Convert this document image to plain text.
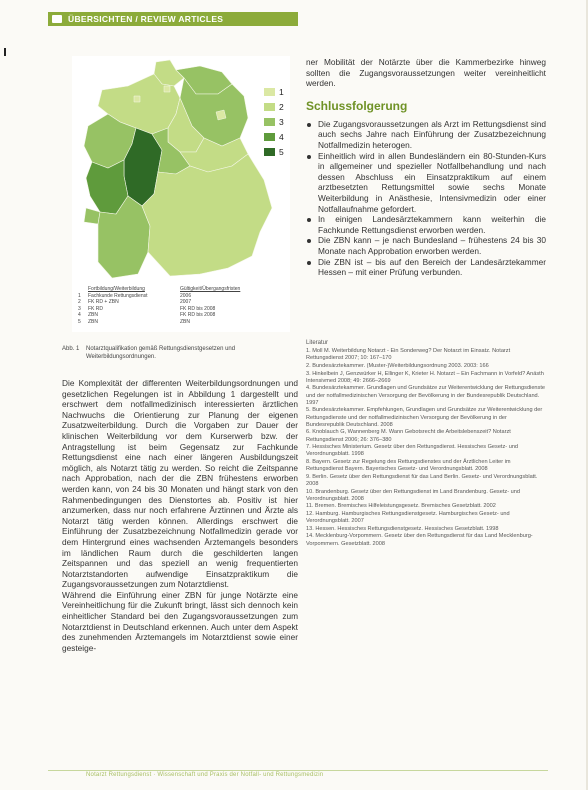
ÜBERSICHTEN / REVIEW ARTICLES
Fortbildung/Weiterbildung	Gültigkeit/Übergangsfristen
1	Fachkunde Rettungsdienst	2006
2	FK RD + ZBN	2007
3	FK RD	FK RD bis 2008
4	ZBN	FK RD bis 2008
5	ZBN	ZBN
1
2
3
4
5
Abb. 1 Notarztqualifikation gemäß Rettungsdienstgesetzen und Weiterbildungsordnungen.

Die Komplexität der differenten Weiterbildungsordnungen und gesetzlichen Regelungen ist in Abbildung 1 dargestellt und erschwert dem notfallmedizinisch interessierten ärztlichen Nachwuchs die Orientierung zur Planung der eigenen Zusatzweiterbildung. Durch die Vorgaben zur Dauer der klinischen Weiterbildung vor dem Kurserwerb bzw. der Antragstellung ist beim Gegensatz zur Fachkunde Rettungsdienst eine nach einer längeren Ausbildungszeit möglich, als Notarzt tätig zu werden. So reicht die Zeitspanne nach Approbation, nach der die ZBN frühestens erworben werden kann, von 24 bis 30 Monaten und hängt stark von den Rahmenbedingungen des Dienstortes ab. Positiv ist hier anzumerken, dass nur noch erfahrene Ärztinnen und Ärzte als Notarzt tätig werden können. Allerdings erschwert die Einführung der Zusatzbezeichnung Notfallmedizin gerade vor dem Hintergrund eines wachsenden Ärztemangels besonders im ländlichen Raum durch die geschilderten langen Zeitspannen und das speziell an wenig frequentierten Notarztstandorten aufwendige Einsatzpraktikum die Zugangsvoraussetzungen zum Notarztdienst.

Während die Einführung einer ZBN für junge Notärzte eine Vereinheitlichung für die Zukunft bringt, lässt sich dennoch kein einheitlicher Standard bei den Zugangsvoraussetzungen zum Notarztdienst in Deutschland erkennen. Auch unter dem Aspekt des zunehmenden Ärztemangels im Notarztdienst sowie einer gesteige-

ner Mobilität der Notärzte über die Kammerbezirke hinweg sollten die Zugangsvoraussetzungen weiter vereinheitlicht werden.

Schlussfolgerung
Die Zugangsvoraussetzungen als Arzt im Rettungsdienst sind auch sechs Jahre nach Einführung der Zusatzbezeichnung Notfallmedizin heterogen.
Einheitlich wird in allen Bundesländern ein 80-Stunden-Kurs in allgemeiner und spezieller Notfallbehandlung und nach dessen Abschluss ein Einsatzpraktikum auf einem arztbesetzten Rettungsmittel sowie sechs Monate Weiterbildung in Anästhesie, Intensivmedizin oder einer Notfallaufnahme gefordert.
In einigen Landesärztekammern kann weiterhin die Fachkunde Rettungsdienst erworben werden.
Die ZBN kann – je nach Bundesland – frühestens 24 bis 30 Monate nach Approbation erworben werden.
Die ZBN ist – bis auf den Bereich der Landesärztekammer Hessen – mit einer Prüfung verbunden.

Literatur

1. Moll M. Weiterbildung Notarzt - Ein Sonderweg? Der Notarzt im Einsatz. Notarzt Rettungsdienst 2007; 10: 167–170

2. Bundesärztekammer. (Muster-)Weiterbildungsordnung 2003. 2003: 166

3. Hinkelbein J, Genzwürker H, Ellinger K, Krieter H. Notarzt – Ein Fachmann in Vorfeld? Anästh Intensivmed 2008; 49: 2666–2669

4. Bundesärztekammer. Grundlagen und Grundsätze zur Weiterentwicklung der Rettungsdienste und der notfallmedizinischen Versorgung der Bevölkerung in der Bundesrepublik Deutschland. 1997

5. Bundesärztekammer. Empfehlungen, Grundlagen und Grundsätze zur Weiterentwicklung der Rettungsdienste und der notfallmedizinischen Versorgung der Bevölkerung in der Bundesrepublik Deutschland. 2008

6. Knoblauch G, Wannenberg M. Wann Gebotsrecht die Arbeitslebenszeit? Notarzt Rettungsdienst 2006; 26: 376–380

7. Hessisches Ministerium. Gesetz über den Rettungsdienst. Hessisches Gesetz- und Verordnungsblatt. 1998

8. Bayern. Gesetz zur Regelung des Rettungsdienstes und der Ärztlichen Leiter im Rettungsdienst Bayern. Bayerisches Gesetz- und Verordnungsblatt. 2008

9. Berlin. Gesetz über den Rettungsdienst für das Land Berlin. Gesetz- und Verordnungsblatt. 2008

10. Brandenburg. Gesetz über den Rettungsdienst im Land Brandenburg. Gesetz- und Verordnungsblatt. 2008

11. Bremen. Bremisches Hilfeleistungsgesetz. Bremisches Gesetzblatt. 2002

12. Hamburg. Hamburgisches Rettungsdienstgesetz. Hamburgisches Gesetz- und Verordnungsblatt. 2007

13. Hessen. Hessisches Rettungsdienstgesetz. Hessisches Gesetzblatt. 1998

14. Mecklenburg-Vorpommern. Gesetz über den Rettungsdienst für das Land Mecklenburg-Vorpommern. Gesetzblatt. 2008

Notarzt Rettungsdienst · Wissenschaft und Praxis der Notfall- und Rettungsmedizin
